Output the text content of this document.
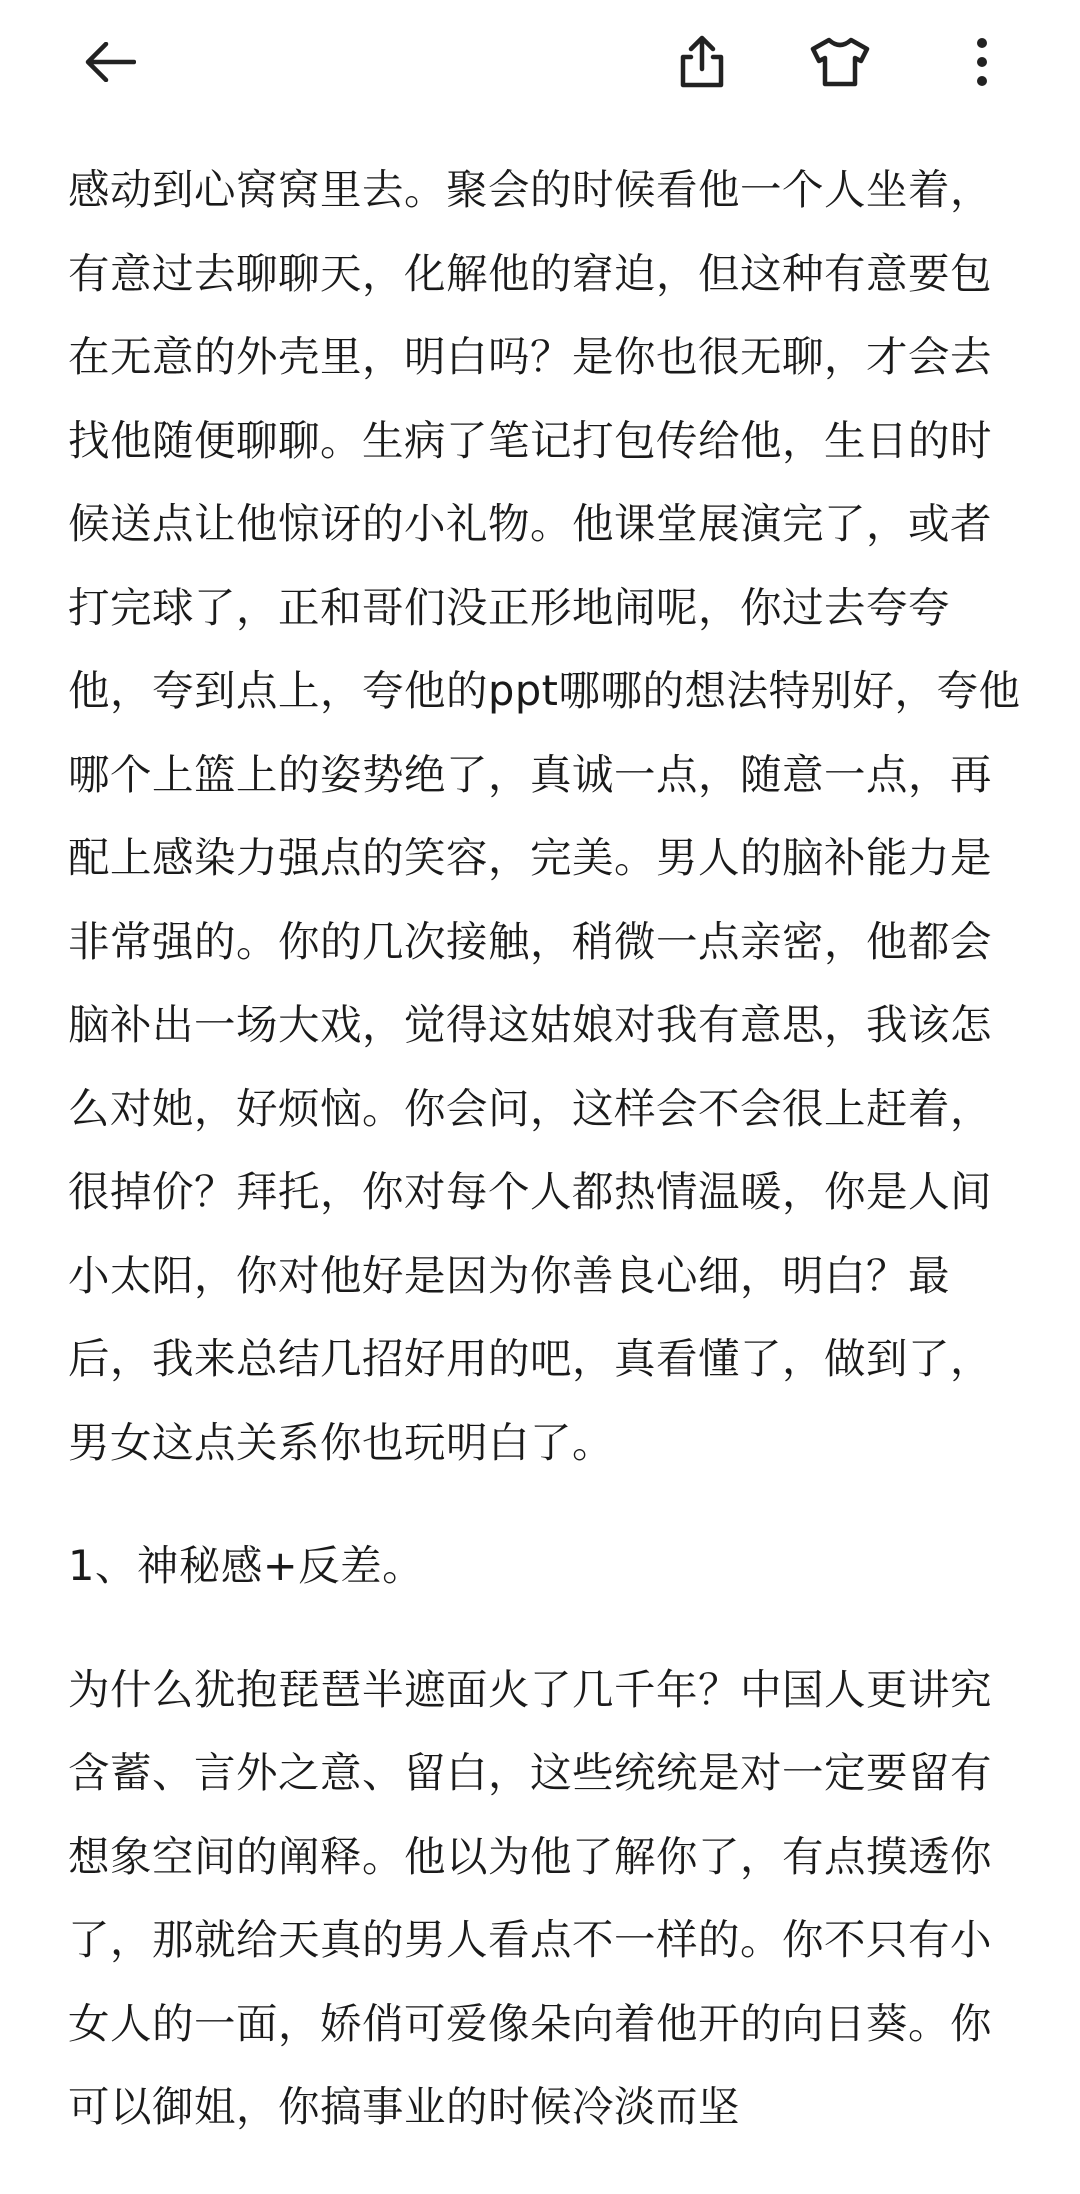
感动到心窝窝里去。聚会的时候看他一个人坐着，有意过去聊聊天，化解他的窘迫，但这种有意要包在无意的外壳里，明白吗？是你也很无聊，才会去找他随便聊聊。生病了笔记打包传给他，生日的时候送点让他惊讶的小礼物。他课堂展演完了，或者打完球了，正和哥们没正形地闹呢，你过去夸夸他，夸到点上，夸他的ppt哪哪的想法特别好，夸他哪个上篮上的姿势绝了，真诚一点，随意一点，再配上感染力强点的笑容，完美。男人的脑补能力是非常强的。你的几次接触，稍微一点亲密，他都会脑补出一场大戏，觉得这姑娘对我有意思，我该怎么对她，好烦恼。你会问，这样会不会很上赶着，很掉价？拜托，你对每个人都热情温暖，你是人间小太阳，你对他好是因为你善良心细，明白？最后，我来总结几招好用的吧，真看懂了，做到了，男女这点关系你也玩明白了。

1、神秘感+反差。

为什么犹抱琵琶半遮面火了几千年？中国人更讲究含蓄、言外之意、留白，这些统统是对一定要留有想象空间的阐释。他以为他了解你了，有点摸透你了，那就给天真的男人看点不一样的。你不只有小女人的一面，娇俏可爱像朵向着他开的向日葵。你可以御姐，你搞事业的时候冷淡而坚
